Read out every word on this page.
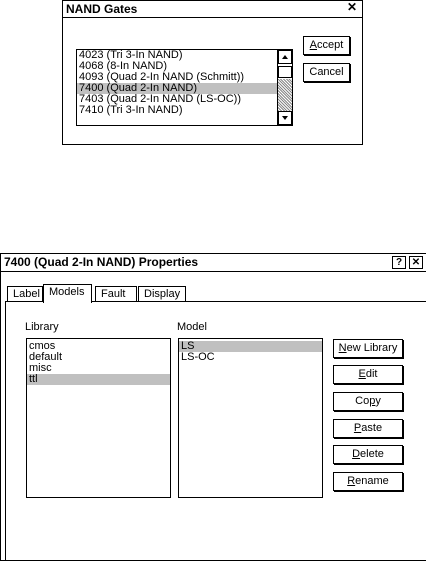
NAND Gates	✕
4023 (Tri 3-In NAND)
4068 (8-In NAND)
4093 (Quad 2-In NAND (Schmitt))
7400 (Quad 2-In NAND)
7403 (Quad 2-In NAND (LS-OC))
7410 (Tri 3-In NAND)
Accept
Cancel
7400 (Quad 2-In NAND) Properties	? ✕
Label Models	Fault	Display
Library	Model
cmos
default
misc
ttl
LS
LS-OC
New Library
Edit
Copy
Paste
Delete
Rename
